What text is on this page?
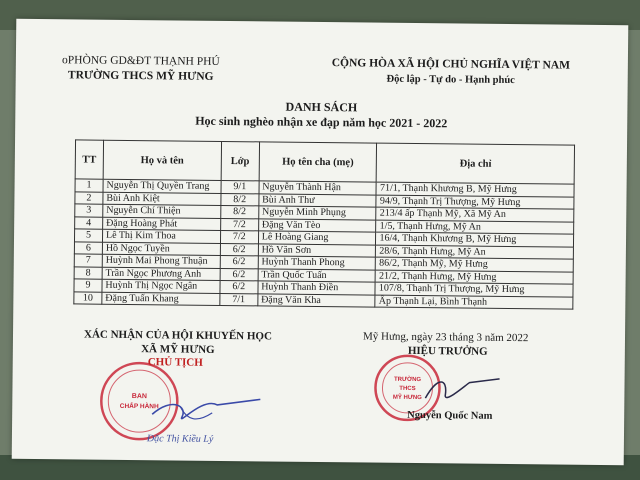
oPHÒNG GD&ĐT THẠNH PHÚ
TRƯỜNG THCS MỸ HƯNG
CỘNG HÒA XÃ HỘI CHỦ NGHĨA VIỆT NAM
Độc lập - Tự do - Hạnh phúc
DANH SÁCH
Học sinh nghèo nhận xe đạp năm học 2021 - 2022
TT	Họ và tên	Lớp	Họ tên cha (mẹ)	Địa chỉ
1	Nguyễn Thị Quyền Trang	9/1	Nguyễn Thành Hận	71/1, Thạnh Khương B, Mỹ Hưng
2	Bùi Anh Kiệt	8/2	Bùi Anh Thư	94/9, Thạnh Trị Thượng, Mỹ Hưng
3	Nguyễn Chí Thiện	8/2	Nguyễn Minh Phụng	213/4 ấp Thạnh Mỹ, Xã Mỹ An
4	Đặng Hoàng Phát	7/2	Đặng Văn Tèo	1/5, Thạnh Hưng, Mỹ An
5	Lê Thị Kim Thoa	7/2	Lê Hoàng Giang	16/4, Thạnh Khương B, Mỹ Hưng
6	Hồ Ngọc Tuyền	6/2	Hồ Văn Sơn	28/6, Thạnh Hưng, Mỹ An
7	Huỳnh Mai Phong Thuận	6/2	Huỳnh Thanh Phong	86/2, Thạnh Mỹ, Mỹ Hưng
8	Trần Ngọc Phương Anh	6/2	Trần Quốc Tuấn	21/2, Thạnh Hưng, Mỹ Hưng
9	Huỳnh Thị Ngọc Ngân	6/2	Huỳnh Thanh Điền	107/8, Thạnh Trị Thượng, Mỹ Hưng
10	Đặng Tuấn Khang	7/1	Đặng Văn Kha	Ấp Thạnh Lại, Bình Thạnh
XÁC NHẬN CỦA HỘI KHUYẾN HỌC
XÃ MỸ HƯNG
Mỹ Hưng, ngày 23 tháng 3 năm 2022
HIỆU TRƯỞNG
BAN
CHẤP HÀNH
CHỦ TỊCH
Đặc Thị Kiều Lý
TRƯỜNG
THCS
MỸ HƯNG
Nguyễn Quốc Nam
